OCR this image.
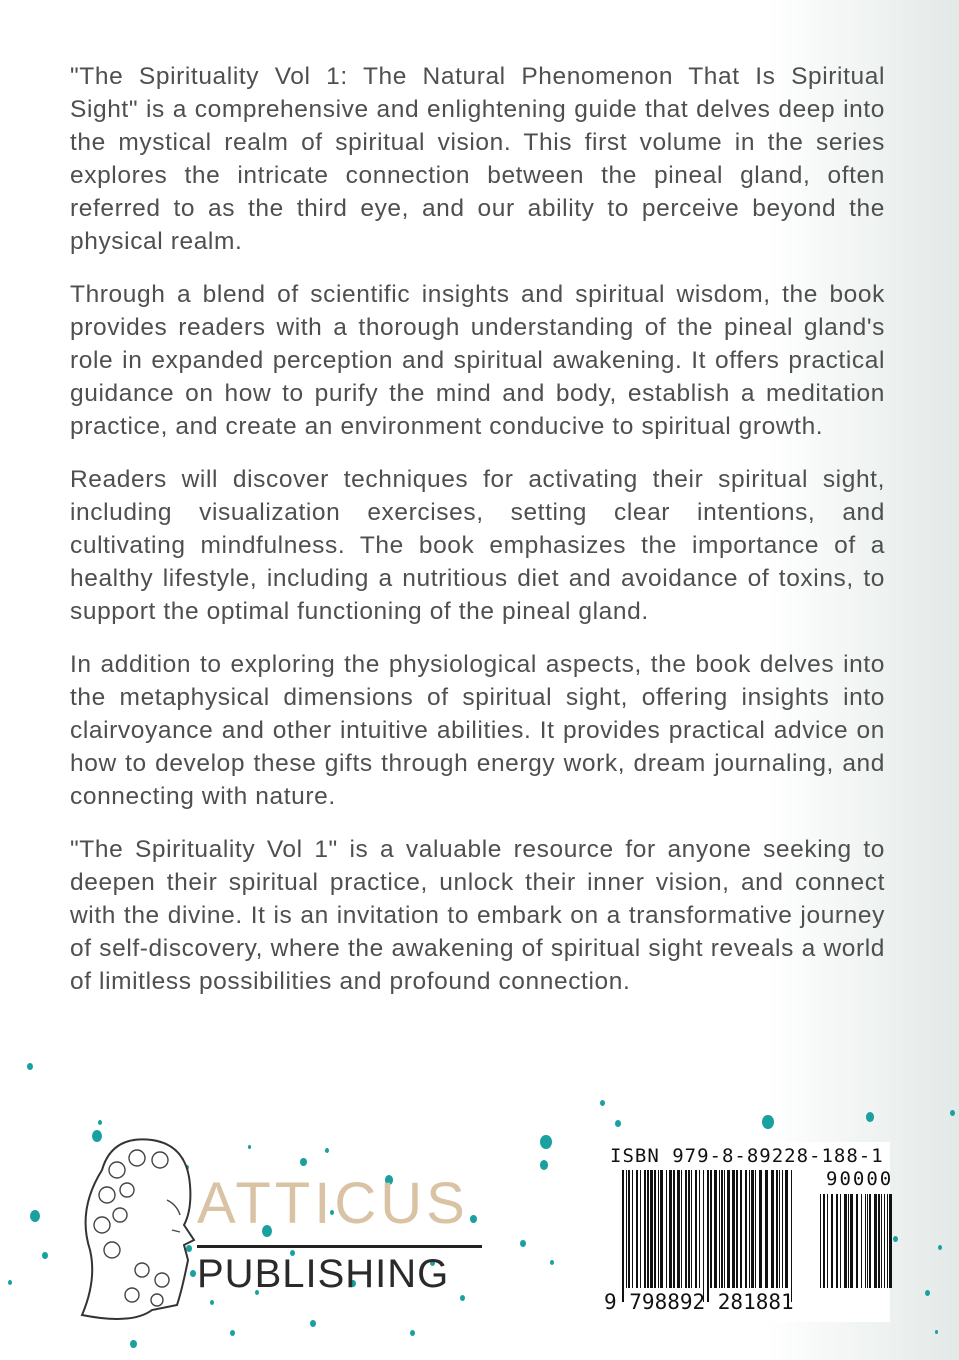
"The Spirituality Vol 1: The Natural Phenomenon That Is Spiritual Sight" is a comprehensive and enlightening guide that delves deep into the mystical realm of spiritual vision. This first volume in the series explores the intricate connection between the pineal gland, often referred to as the third eye, and our ability to perceive beyond the physical realm.

Through a blend of scientific insights and spiritual wisdom, the book provides readers with a thorough understanding of the pineal gland's role in expanded perception and spiritual awakening. It offers practical guidance on how to purify the mind and body, establish a meditation practice, and create an environment conducive to spiritual growth.

Readers will discover techniques for activating their spiritual sight, including visualization exercises, setting clear intentions, and cultivating mindfulness. The book emphasizes the importance of a healthy lifestyle, including a nutritious diet and avoidance of toxins, to support the optimal functioning of the pineal gland.

In addition to exploring the physiological aspects, the book delves into the metaphysical dimensions of spiritual sight, offering insights into clairvoyance and other intuitive abilities. It provides practical advice on how to develop these gifts through energy work, dream journaling, and connecting with nature.

"The Spirituality Vol 1" is a valuable resource for anyone seeking to deepen their spiritual practice, unlock their inner vision, and connect with the divine. It is an invitation to embark on a transformative journey of self-discovery, where the awakening of spiritual sight reveals a world of limitless possibilities and profound connection.

ATTICUS
PUBLISHING
ISBN 979-8-89228-188-1
90000
9 798892 281881
